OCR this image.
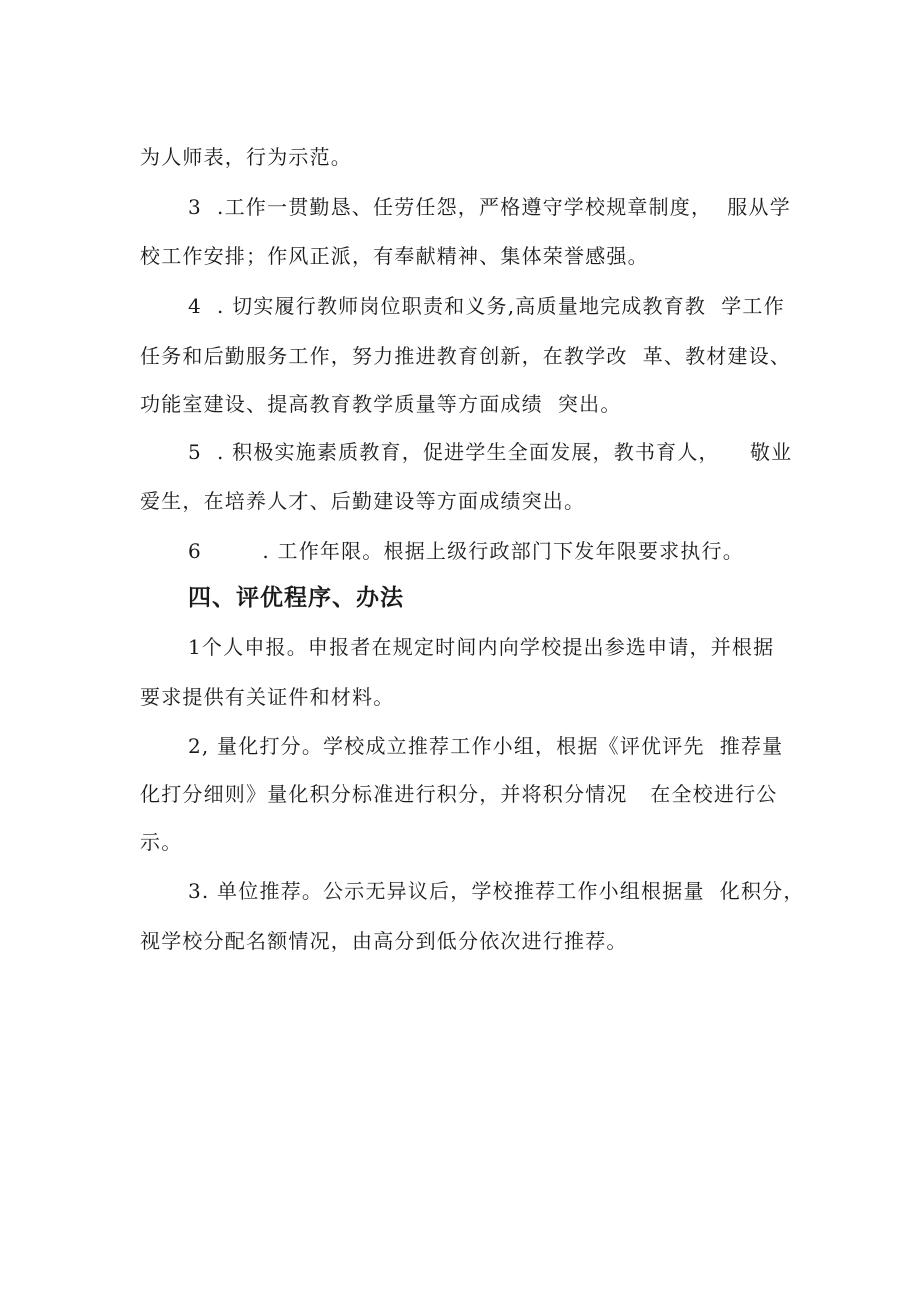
为人师表，行为示范。
3  .工作一贯勤恳、任劳任怨，严格遵守学校规章制度，  服从学
校工作安排；作风正派，有奉献精神、集体荣誉感强。
4  . 切实履行教师岗位职责和义务,高质量地完成教育教  学工作
任务和后勤服务工作，努力推进教育创新，在教学改  革、教材建设、
功能室建设、提高教育教学质量等方面成绩  突出。
5  . 积极实施素质教育，促进学生全面发展，教书育人，    敬业
爱生，在培养人才、后勤建设等方面成绩突出。
6        . 工作年限。根据上级行政部门下发年限要求执行。
四、评优程序、办法
1个人申报。申报者在规定时间内向学校提出参选申请，并根据
要求提供有关证件和材料。
2, 量化打分。学校成立推荐工作小组，根据《评优评先  推荐量
化打分细则》量化积分标准进行积分，并将积分情况   在全校进行公
示。
3. 单位推荐。公示无异议后，学校推荐工作小组根据量  化积分，
视学校分配名额情况，由高分到低分依次进行推荐。
